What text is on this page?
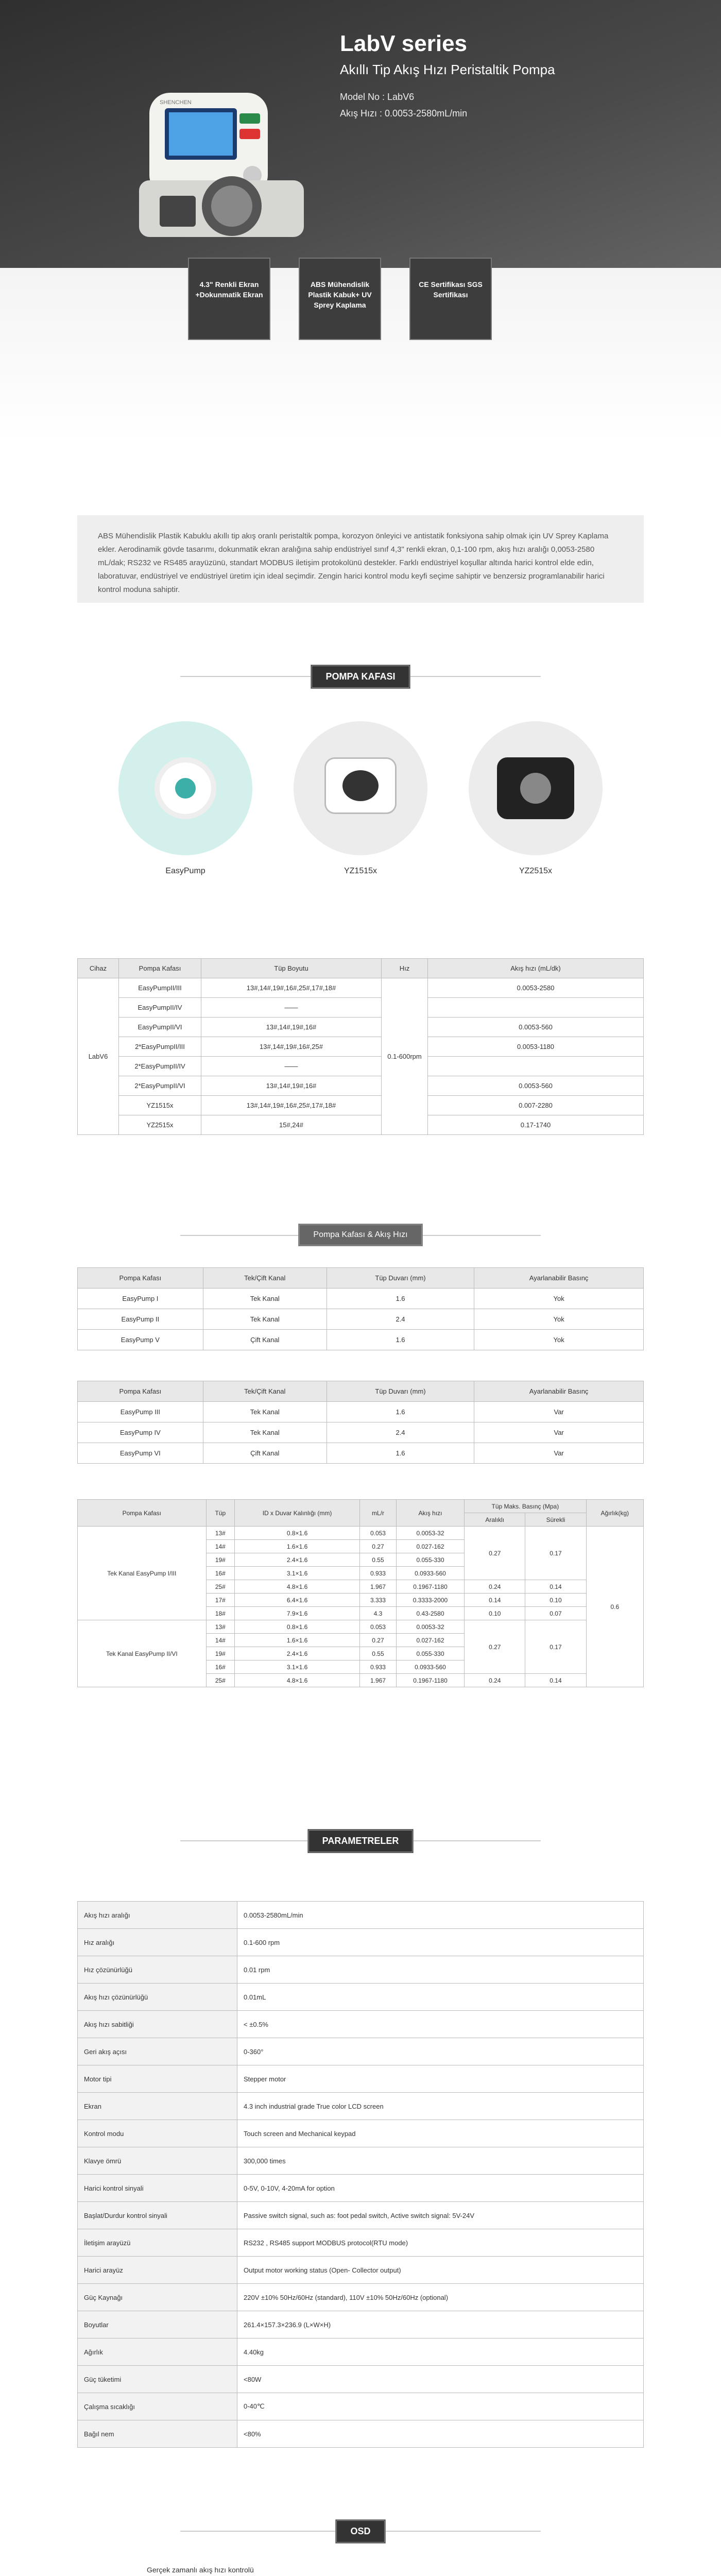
LabV series
Akıllı Tip Akış Hızı Peristaltik Pompa
Model No : LabV6
Akış Hızı : 0.0053-2580mL/min
SHENCHEN
4.3" Renkli Ekran +Dokunmatik Ekran
ABS Mühendislik Plastik Kabuk+ UV Sprey Kaplama
CE Sertifikası SGS Sertifikası
ABS Mühendislik Plastik Kabuklu akıllı tip akış oranlı peristaltik pompa, korozyon önleyici ve antistatik fonksiyona sahip olmak için UV Sprey Kaplama ekler. Aerodinamik gövde tasarımı, dokunmatik ekran aralığına sahip endüstriyel sınıf 4,3" renkli ekran, 0,1-100 rpm, akış hızı aralığı 0,0053-2580 mL/dak; RS232 ve RS485 arayüzünü, standart MODBUS iletişim protokolünü destekler. Farklı endüstriyel koşullar altında harici kontrol elde edin, laboratuvar, endüstriyel ve endüstriyel üretim için ideal seçimdir. Zengin harici kontrol modu keyfi seçime sahiptir ve benzersiz programlanabilir harici kontrol moduna sahiptir.
POMPA KAFASI
EasyPump	YZ1515x	YZ2515x
Cihaz	Pompa Kafası	Tüp Boyutu	Hız	Akış hızı (mL/dk)
LabV6	EasyPumpII/III	13#,14#,19#,16#,25#,17#,18#	0.1-600rpm	0.0053-2580
	EasyPumpII/IV	——		
	EasyPumpII/VI	13#,14#,19#,16#		0.0053-560
	2*EasyPumpII/III	13#,14#,19#,16#,25#		0.0053-1180
	2*EasyPumpII/IV	——		
	2*EasyPumpII/VI	13#,14#,19#,16#		0.0053-560
	YZ1515x	13#,14#,19#,16#,25#,17#,18#		0.007-2280
	YZ2515x	15#,24#		0.17-1740
Pompa Kafası & Akış Hızı
Pompa Kafası	Tek/Çift Kanal	Tüp Duvarı (mm)	Ayarlanabilir Basınç
EasyPump I	Tek Kanal	1.6	Yok
EasyPump II	Tek Kanal	2.4	Yok
EasyPump V	Çift Kanal	1.6	Yok
Pompa Kafası	Tek/Çift Kanal	Tüp Duvarı (mm)	Ayarlanabilir Basınç
EasyPump III	Tek Kanal	1.6	Var
EasyPump IV	Tek Kanal	2.4	Var
EasyPump VI	Çift Kanal	1.6	Var
Pompa Kafası	Tüp	ID x Duvar Kalınlığı (mm)	mL/r	Akış hızı	Tüp Maks. Basınç (Mpa)		Ağırlık(kg)
					Aralıklı	Sürekli	
Tek Kanal EasyPump I/III	13#	0.8×1.6	0.053	0.0053-32	0.27	0.17	0.6
	14#	1.6×1.6	0.27	0.027-162			
	19#	2.4×1.6	0.55	0.055-330			
	16#	3.1×1.6	0.933	0.0933-560			
	25#	4.8×1.6	1.967	0.1967-1180	0.24	0.14	
	17#	6.4×1.6	3.333	0.3333-2000	0.14	0.10	
	18#	7.9×1.6	4.3	0.43-2580	0.10	0.07	
Tek Kanal EasyPump II/VI	13#	0.8×1.6	0.053	0.0053-32	0.27	0.17	
	14#	1.6×1.6	0.27	0.027-162			
	19#	2.4×1.6	0.55	0.055-330			
	16#	3.1×1.6	0.933	0.0933-560			
	25#	4.8×1.6	1.967	0.1967-1180	0.24	0.14	
PARAMETRELER
Akış hızı aralığı	0.0053-2580mL/min
Hız aralığı	0.1-600 rpm
Hız çözünürlüğü	0.01 rpm
Akış hızı çözünürlüğü	0.01mL
Akış hızı sabitliği	< ±0.5%
Geri akış açısı	0-360°
Motor tipi	Stepper motor
Ekran	4.3 inch industrial grade True color LCD screen
Kontrol modu	Touch screen and Mechanical keypad
Klavye ömrü	300,000 times
Harici kontrol sinyali	0-5V, 0-10V, 4-20mA for option
Başlat/Durdur kontrol sinyali	Passive switch signal, such as: foot pedal switch, Active switch signal: 5V-24V
İletişim arayüzü	RS232 , RS485 support MODBUS protocol(RTU mode)
Harici arayüz	Output motor working status (Open- Collector output)
Güç Kaynağı	220V ±10% 50Hz/60Hz (standard), 110V ±10% 50Hz/60Hz (optional)
Boyutlar	261.4×157.3×236.9 (L×W×H)
Ağırlık	4.40kg
Güç tüketimi	<80W
Çalışma sıcaklığı	0-40℃
Bağıl nem	<80%
OSD
Gerçek zamanlı akış hızı kontrolü
